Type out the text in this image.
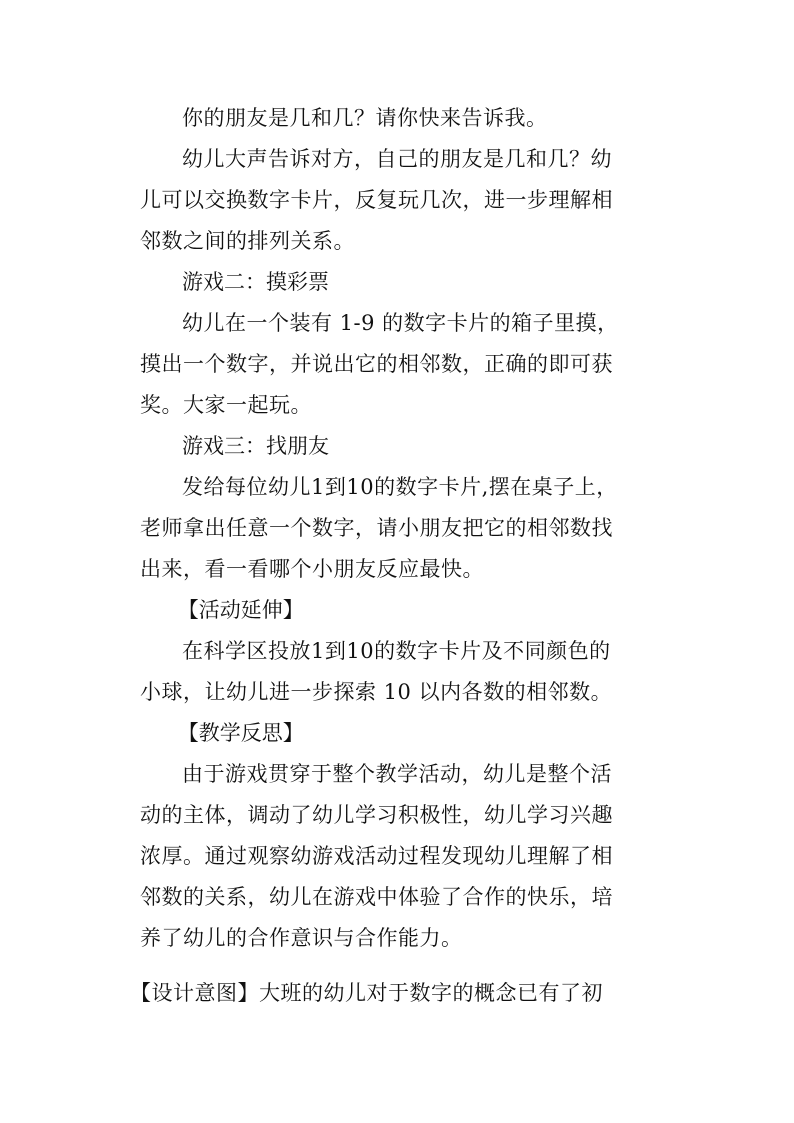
你的朋友是几和几？请你快来告诉我。

幼儿大声告诉对方，自己的朋友是几和几？幼
儿可以交换数字卡片，反复玩几次，进一步理解相
邻数之间的排列关系。

游戏二：摸彩票

幼儿在一个装有 1-9 的数字卡片的箱子里摸，
摸出一个数字，并说出它的相邻数，正确的即可获
奖。大家一起玩。

游戏三：找朋友

发给每位幼儿1到10的数字卡片,摆在桌子上，
老师拿出任意一个数字，请小朋友把它的相邻数找
出来，看一看哪个小朋友反应最快。

【活动延伸】

在科学区投放1到10的数字卡片及不同颜色的
小球，让幼儿进一步探索 10 以内各数的相邻数。

【教学反思】

由于游戏贯穿于整个教学活动，幼儿是整个活
动的主体，调动了幼儿学习积极性，幼儿学习兴趣
浓厚。通过观察幼游戏活动过程发现幼儿理解了相
邻数的关系，幼儿在游戏中体验了合作的快乐，培
养了幼儿的合作意识与合作能力。

【设计意图】大班的幼儿对于数字的概念已有了初
